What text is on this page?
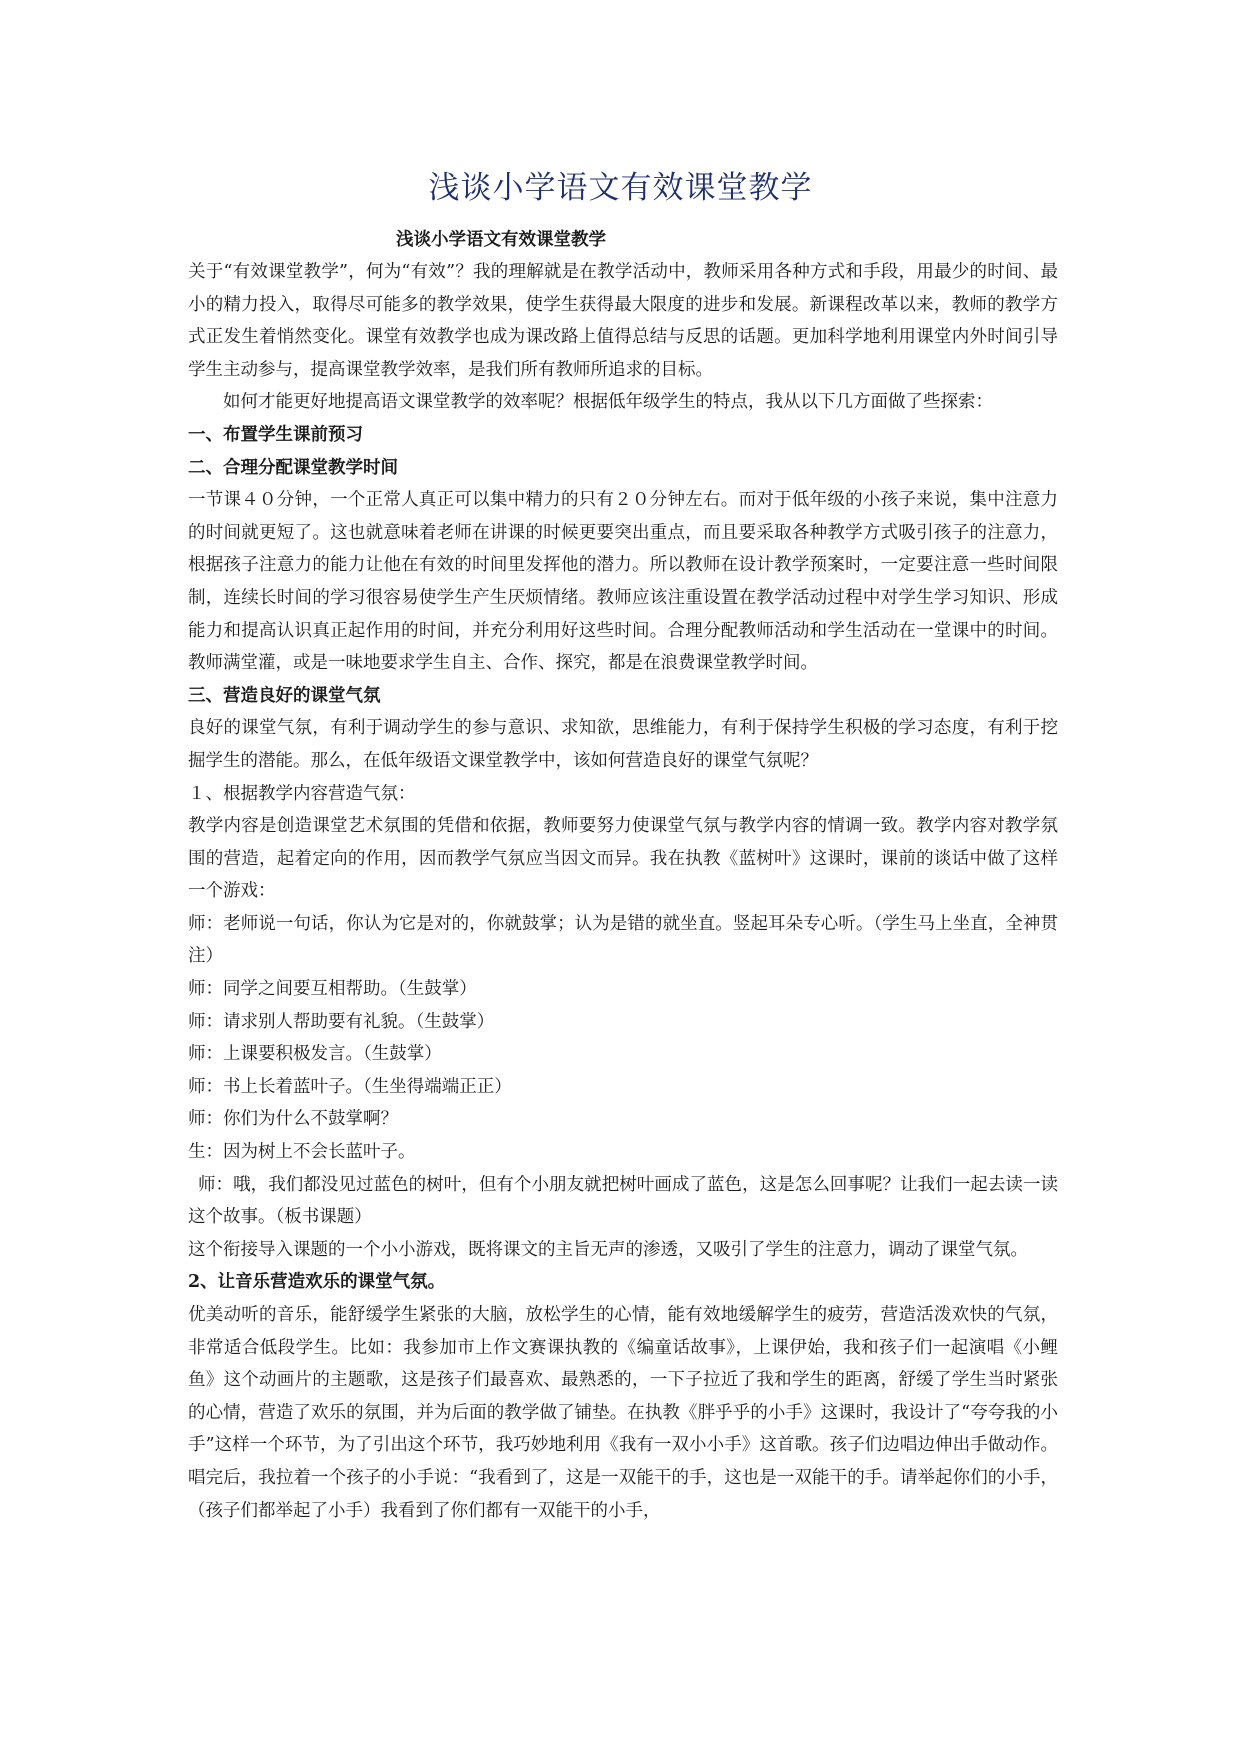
浅谈小学语文有效课堂教学

浅谈小学语文有效课堂教学

关于“有效课堂教学”，何为“有效”？我的理解就是在教学活动中，教师采用各种方式和手段，用最少的时间、最小的精力投入，取得尽可能多的教学效果，使学生获得最大限度的进步和发展。新课程改革以来，教师的教学方式正发生着悄然变化。课堂有效教学也成为课改路上值得总结与反思的话题。更加科学地利用课堂内外时间引导学生主动参与，提高课堂教学效率，是我们所有教师所追求的目标。

如何才能更好地提高语文课堂教学的效率呢？根据低年级学生的特点，我从以下几方面做了些探索：

一、布置学生课前预习

二、合理分配课堂教学时间

一节课４０分钟，一个正常人真正可以集中精力的只有２０分钟左右。而对于低年级的小孩子来说，集中注意力的时间就更短了。这也就意味着老师在讲课的时候更要突出重点，而且要采取各种教学方式吸引孩子的注意力，根据孩子注意力的能力让他在有效的时间里发挥他的潜力。所以教师在设计教学预案时，一定要注意一些时间限制，连续长时间的学习很容易使学生产生厌烦情绪。教师应该注重设置在教学活动过程中对学生学习知识、形成能力和提高认识真正起作用的时间，并充分利用好这些时间。合理分配教师活动和学生活动在一堂课中的时间。教师满堂灌，或是一味地要求学生自主、合作、探究，都是在浪费课堂教学时间。

三、营造良好的课堂气氛

良好的课堂气氛，有利于调动学生的参与意识、求知欲，思维能力，有利于保持学生积极的学习态度，有利于挖掘学生的潜能。那么，在低年级语文课堂教学中，该如何营造良好的课堂气氛呢？

１、根据教学内容营造气氛：

教学内容是创造课堂艺术氛围的凭借和依据，教师要努力使课堂气氛与教学内容的情调一致。教学内容对教学氛围的营造，起着定向的作用，因而教学气氛应当因文而异。我在执教《蓝树叶》这课时，课前的谈话中做了这样一个游戏：

师：老师说一句话，你认为它是对的，你就鼓掌；认为是错的就坐直。竖起耳朵专心听。（学生马上坐直，全神贯注）

师：同学之间要互相帮助。（生鼓掌）

师：请求别人帮助要有礼貌。（生鼓掌）

师：上课要积极发言。（生鼓掌）

师：书上长着蓝叶子。（生坐得端端正正）

师：你们为什么不鼓掌啊？

生：因为树上不会长蓝叶子。

师：哦，我们都没见过蓝色的树叶，但有个小朋友就把树叶画成了蓝色，这是怎么回事呢？让我们一起去读一读这个故事。（板书课题）

这个衔接导入课题的一个小小游戏，既将课文的主旨无声的渗透，又吸引了学生的注意力，调动了课堂气氛。

2、让音乐营造欢乐的课堂气氛。

优美动听的音乐，能舒缓学生紧张的大脑，放松学生的心情，能有效地缓解学生的疲劳，营造活泼欢快的气氛，非常适合低段学生。比如：我参加市上作文赛课执教的《编童话故事》，上课伊始，我和孩子们一起演唱《小鲤鱼》这个动画片的主题歌，这是孩子们最喜欢、最熟悉的，一下子拉近了我和学生的距离，舒缓了学生当时紧张的心情，营造了欢乐的氛围，并为后面的教学做了铺垫。在执教《胖乎乎的小手》这课时，我设计了“夸夸我的小手”这样一个环节，为了引出这个环节，我巧妙地利用《我有一双小小手》这首歌。孩子们边唱边伸出手做动作。唱完后，我拉着一个孩子的小手说：“我看到了，这是一双能干的手，这也是一双能干的手。请举起你们的小手，（孩子们都举起了小手）我看到了你们都有一双能干的小手，
